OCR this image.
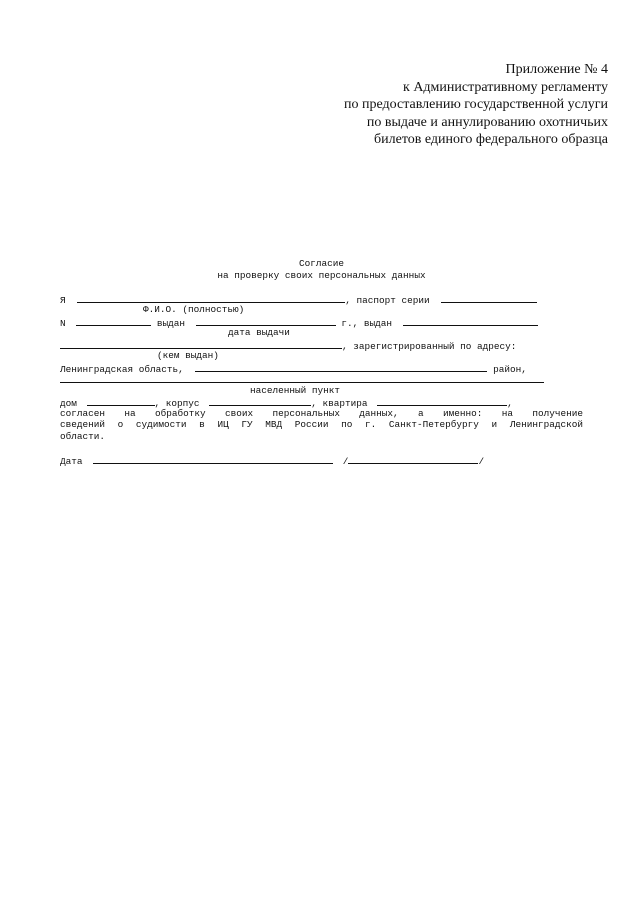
Приложение № 4
к Административному регламенту
по предоставлению государственной услуги
по выдаче и аннулированию охотничьих
билетов единого федерального образца
Согласие
на проверку своих персональных данных
Я	, паспорт серии
Ф.И.О. (полностью)
N	выдан	г., выдан
дата выдачи
, зарегистрированный по адресу:
(кем выдан)
Ленинградская область,	район,
населенный пункт
дом	, корпус	, квартира	,
согласен на обработку своих персональных данных, а именно: на получение
сведений о судимости в ИЦ ГУ МВД России по г. Санкт-Петербургу и Ленинградской
области.
Дата	/	/
